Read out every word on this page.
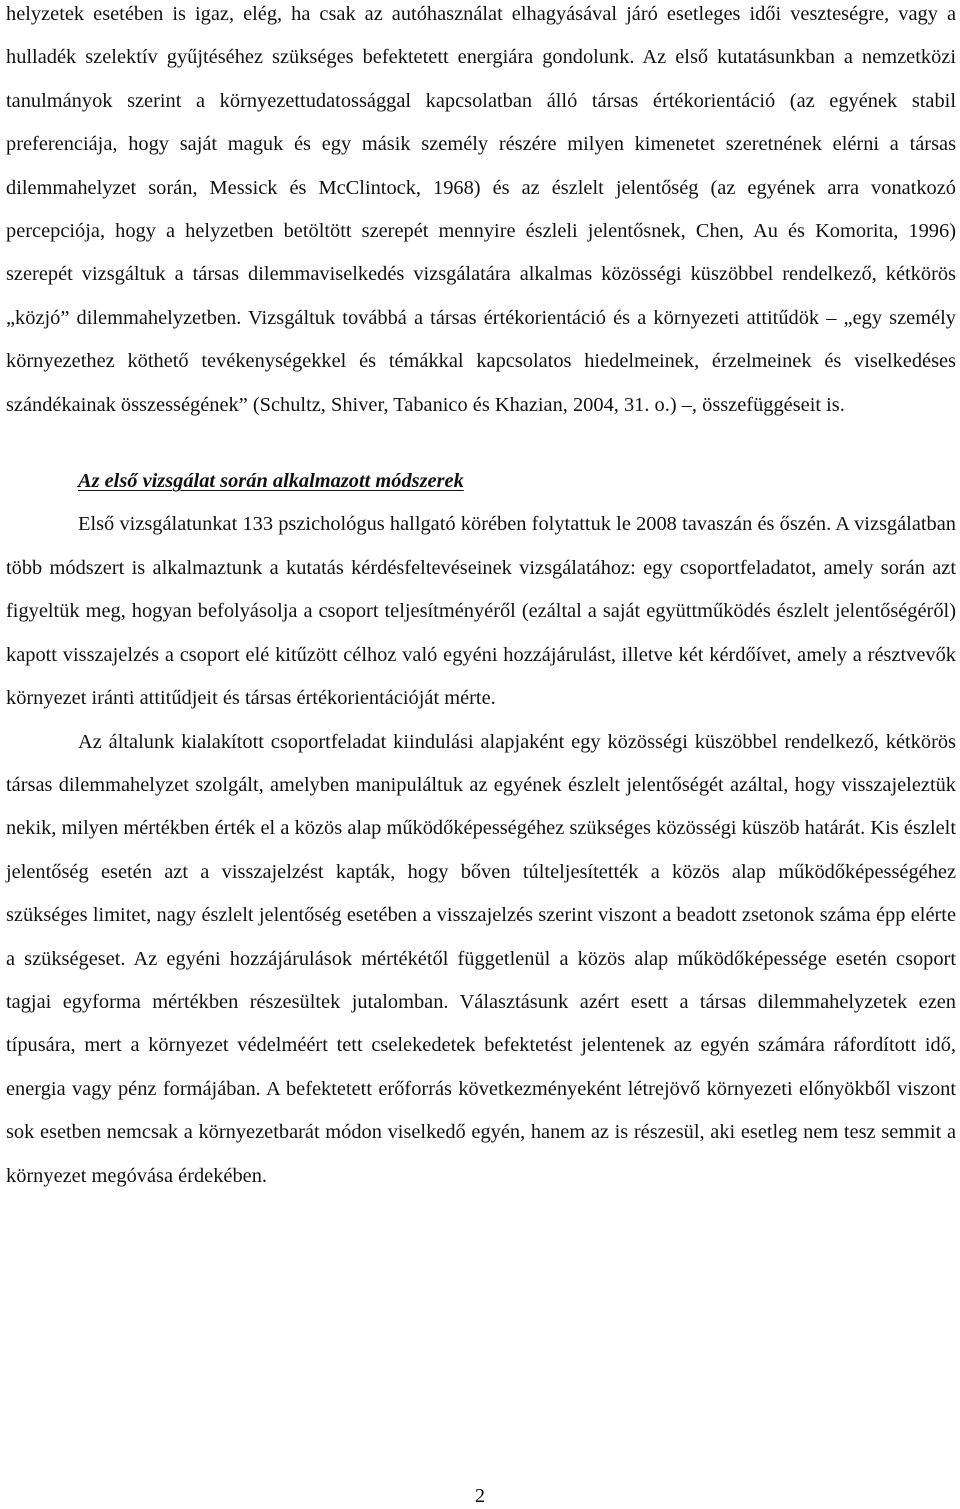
helyzetek esetében is igaz, elég, ha csak az autóhasználat elhagyásával járó esetleges idői veszteségre, vagy a hulladék szelektív gyűjtéséhez szükséges befektetett energiára gondolunk. Az első kutatásunkban a nemzetközi tanulmányok szerint a környezettudatossággal kapcsolatban álló társas értékorientáció (az egyének stabil preferenciája, hogy saját maguk és egy másik személy részére milyen kimenetet szeretnének elérni a társas dilemmahelyzet során, Messick és McClintock, 1968) és az észlelt jelentőség (az egyének arra vonatkozó percepciója, hogy a helyzetben betöltött szerepét mennyire észleli jelentősnek, Chen, Au és Komorita, 1996) szerepét vizsgáltuk a társas dilemmaviselkedés vizsgálatára alkalmas közösségi küszöbbel rendelkező, kétkörös „közjó” dilemmahelyzetben. Vizsgáltuk továbbá a társas értékorientáció és a környezeti attitűdök – „egy személy környezethez köthető tevékenységekkel és témákkal kapcsolatos hiedelmeinek, érzelmeinek és viselkedéses szándékainak összességének” (Schultz, Shiver, Tabanico és Khazian, 2004, 31. o.) –, összefüggéseit is.

Az első vizsgálat során alkalmazott módszerek

Első vizsgálatunkat 133 pszichológus hallgató körében folytattuk le 2008 tavaszán és őszén. A vizsgálatban több módszert is alkalmaztunk a kutatás kérdésfeltevéseinek vizsgálatához: egy csoportfeladatot, amely során azt figyeltük meg, hogyan befolyásolja a csoport teljesítményéről (ezáltal a saját együttműködés észlelt jelentőségéről) kapott visszajelzés a csoport elé kitűzött célhoz való egyéni hozzájárulást, illetve két kérdőívet, amely a résztvevők környezet iránti attitűdjeit és társas értékorientációját mérte.

Az általunk kialakított csoportfeladat kiindulási alapjaként egy közösségi küszöbbel rendelkező, kétkörös társas dilemmahelyzet szolgált, amelyben manipuláltuk az egyének észlelt jelentőségét azáltal, hogy visszajeleztük nekik, milyen mértékben érték el a közös alap működőképességéhez szükséges közösségi küszöb határát. Kis észlelt jelentőség esetén azt a visszajelzést kapták, hogy bőven túlteljesítették a közös alap működőképességéhez szükséges limitet, nagy észlelt jelentőség esetében a visszajelzés szerint viszont a beadott zsetonok száma épp elérte a szükségeset. Az egyéni hozzájárulások mértékétől függetlenül a közös alap működőképessége esetén csoport tagjai egyforma mértékben részesültek jutalomban. Választásunk azért esett a társas dilemmahelyzetek ezen típusára, mert a környezet védelméért tett cselekedetek befektetést jelentenek az egyén számára ráfordított idő, energia vagy pénz formájában. A befektetett erőforrás következményeként létrejövő környezeti előnyökből viszont sok esetben nemcsak a környezetbarát módon viselkedő egyén, hanem az is részesül, aki esetleg nem tesz semmit a környezet megóvása érdekében.

2
